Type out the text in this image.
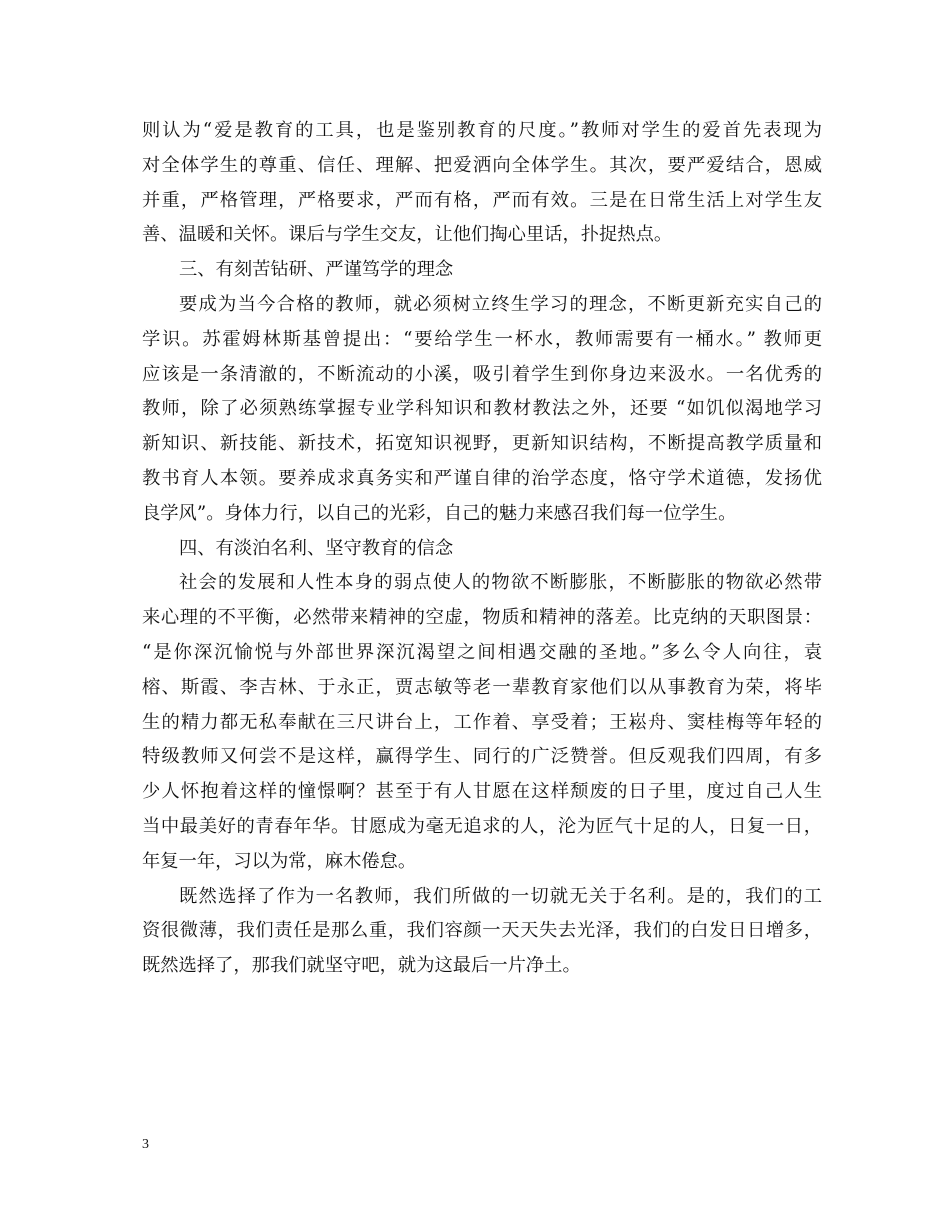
则认为“爱是教育的工具，也是鉴别教育的尺度。”教师对学生的爱首先表现为
对全体学生的尊重、信任、理解、把爱洒向全体学生。其次，要严爱结合，恩威
并重，严格管理，严格要求，严而有格，严而有效。三是在日常生活上对学生友
善、温暖和关怀。课后与学生交友，让他们掏心里话，扑捉热点。
三、有刻苦钻研、严谨笃学的理念
要成为当今合格的教师，就必须树立终生学习的理念，不断更新充实自己的
学识。苏霍姆林斯基曾提出：“要给学生一杯水，教师需要有一桶水。” 教师更
应该是一条清澈的，不断流动的小溪，吸引着学生到你身边来汲水。一名优秀的
教师，除了必须熟练掌握专业学科知识和教材教法之外，还要 “如饥似渴地学习
新知识、新技能、新技术，拓宽知识视野，更新知识结构，不断提高教学质量和
教书育人本领。要养成求真务实和严谨自律的治学态度，恪守学术道德，发扬优
良学风”。身体力行，以自己的光彩，自己的魅力来感召我们每一位学生。
四、有淡泊名利、坚守教育的信念
社会的发展和人性本身的弱点使人的物欲不断膨胀，不断膨胀的物欲必然带
来心理的不平衡，必然带来精神的空虚，物质和精神的落差。比克纳的天职图景：
“是你深沉愉悦与外部世界深沉渴望之间相遇交融的圣地。”多么令人向往，袁
榕、斯霞、李吉林、于永正，贾志敏等老一辈教育家他们以从事教育为荣，将毕
生的精力都无私奉献在三尺讲台上，工作着、享受着；王崧舟、窦桂梅等年轻的
特级教师又何尝不是这样，赢得学生、同行的广泛赞誉。但反观我们四周，有多
少人怀抱着这样的憧憬啊？甚至于有人甘愿在这样颓废的日子里，度过自己人生
当中最美好的青春年华。甘愿成为毫无追求的人，沦为匠气十足的人，日复一日，
年复一年，习以为常，麻木倦怠。
既然选择了作为一名教师，我们所做的一切就无关于名利。是的，我们的工
资很微薄，我们责任是那么重，我们容颜一天天失去光泽，我们的白发日日增多，
既然选择了，那我们就坚守吧，就为这最后一片净土。
3
